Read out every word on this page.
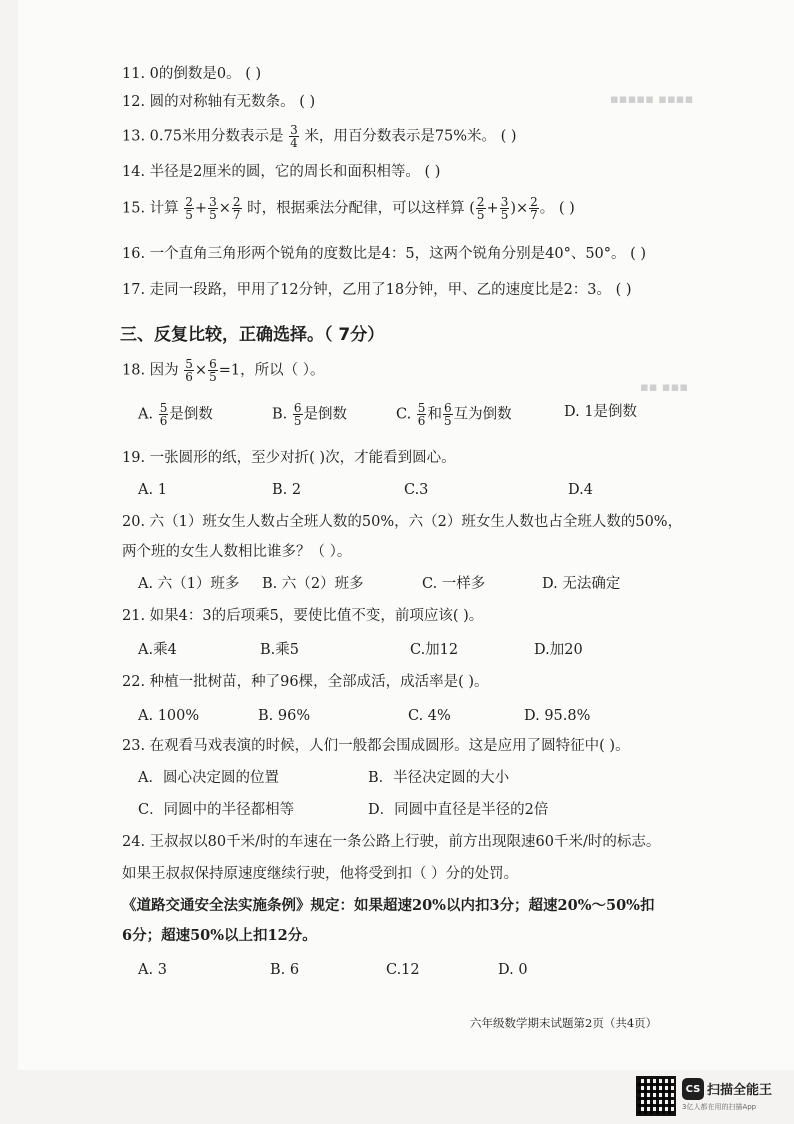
▪▪▪▪▪ ▪▪▪▪
▪▪ ▪▪▪
11. 0的倒数是0。 ( )
12. 圆的对称轴有无数条。 ( )
13. 0.75米用分数表示是 $\frac{3}{4}$ 米，用百分数表示是75%米。 ( )
14. 半径是2厘米的圆，它的周长和面积相等。 ( )
15. 计算 $\frac{2}{5} + \frac{3}{5} \times \frac{2}{7}$ 时，根据乘法分配律，可以这样算 ( $\frac{2}{5} + \frac{3}{5}$ )× $\frac{2}{7}$ 。 ( )
16. 一个直角三角形两个锐角的度数比是4：5，这两个锐角分别是40°、50°。 ( )
17. 走同一段路，甲用了12分钟，乙用了18分钟，甲、乙的速度比是2：3。 ( )
三、反复比较，正确选择。（ 7分）
18. 因为 $\frac{5}{6} \times \frac{6}{5} =1$，所以（ ）。
A. $\frac{5}{6}$ 是倒数	B. $\frac{6}{5}$ 是倒数	C. $\frac{5}{6}$ 和 $\frac{6}{5}$ 互为倒数	D. 1是倒数
19. 一张圆形的纸，至少对折( )次，才能看到圆心。
A. 1	B. 2	C.3	D.4
20. 六（1）班女生人数占全班人数的50%，六（2）班女生人数也占全班人数的50%，
两个班的女生人数相比谁多？（ ）。
A. 六（1）班多 B. 六（2）班多	C. 一样多	D. 无法确定
21. 如果4：3的后项乘5，要使比值不变，前项应该( )。
A.乘4	B.乘5	C.加12	D.加20
22. 种植一批树苗，种了96棵，全部成活，成活率是( )。
A. 100%	B. 96%	C. 4%	D. 95.8%
23. 在观看马戏表演的时候，人们一般都会围成圆形。这是应用了圆特征中( )。
A．圆心决定圆的位置	B．半径决定圆的大小
C．同圆中的半径都相等	D．同圆中直径是半径的2倍
24. 王叔叔以80千米/时的车速在一条公路上行驶，前方出现限速60千米/时的标志。
如果王叔叔保持原速度继续行驶，他将受到扣（ ）分的处罚。
《道路交通安全法实施条例》规定：如果超速20%以内扣3分；超速20%～50%扣
6分；超速50%以上扣12分。
A. 3	B. 6	C.12	D. 0
六年级数学期末试题第2页（共4页）
CS 扫描全能王
3亿人都在用的扫描App
